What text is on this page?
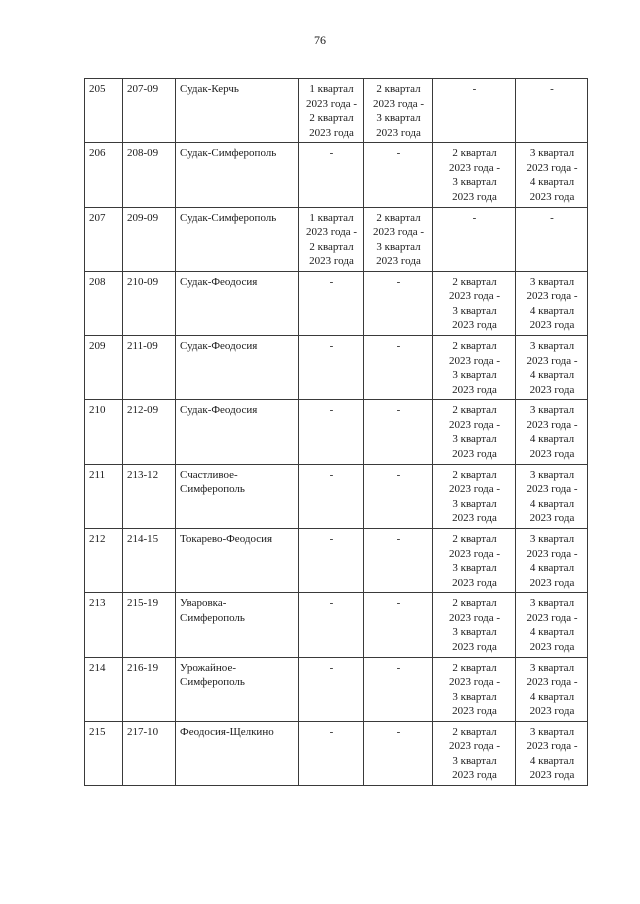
76
205	207-09	Судак-Керчь	1 квартал
2023 года -
2 квартал
2023 года	2 квартал
2023 года -
3 квартал
2023 года	-	-
206	208-09	Судак-Симферополь	-	-	2 квартал
2023 года -
3 квартал
2023 года	3 квартал
2023 года -
4 квартал
2023 года
207	209-09	Судак-Симферополь	1 квартал
2023 года -
2 квартал
2023 года	2 квартал
2023 года -
3 квартал
2023 года	-	-
208	210-09	Судак-Феодосия	-	-	2 квартал
2023 года -
3 квартал
2023 года	3 квартал
2023 года -
4 квартал
2023 года
209	211-09	Судак-Феодосия	-	-	2 квартал
2023 года -
3 квартал
2023 года	3 квартал
2023 года -
4 квартал
2023 года
210	212-09	Судак-Феодосия	-	-	2 квартал
2023 года -
3 квартал
2023 года	3 квартал
2023 года -
4 квартал
2023 года
211	213-12	Счастливое-
Симферополь	-	-	2 квартал
2023 года -
3 квартал
2023 года	3 квартал
2023 года -
4 квартал
2023 года
212	214-15	Токарево-Феодосия	-	-	2 квартал
2023 года -
3 квартал
2023 года	3 квартал
2023 года -
4 квартал
2023 года
213	215-19	Уваровка-
Симферополь	-	-	2 квартал
2023 года -
3 квартал
2023 года	3 квартал
2023 года -
4 квартал
2023 года
214	216-19	Урожайное-
Симферополь	-	-	2 квартал
2023 года -
3 квартал
2023 года	3 квартал
2023 года -
4 квартал
2023 года
215	217-10	Феодосия-Щелкино	-	-	2 квартал
2023 года -
3 квартал
2023 года	3 квартал
2023 года -
4 квартал
2023 года
